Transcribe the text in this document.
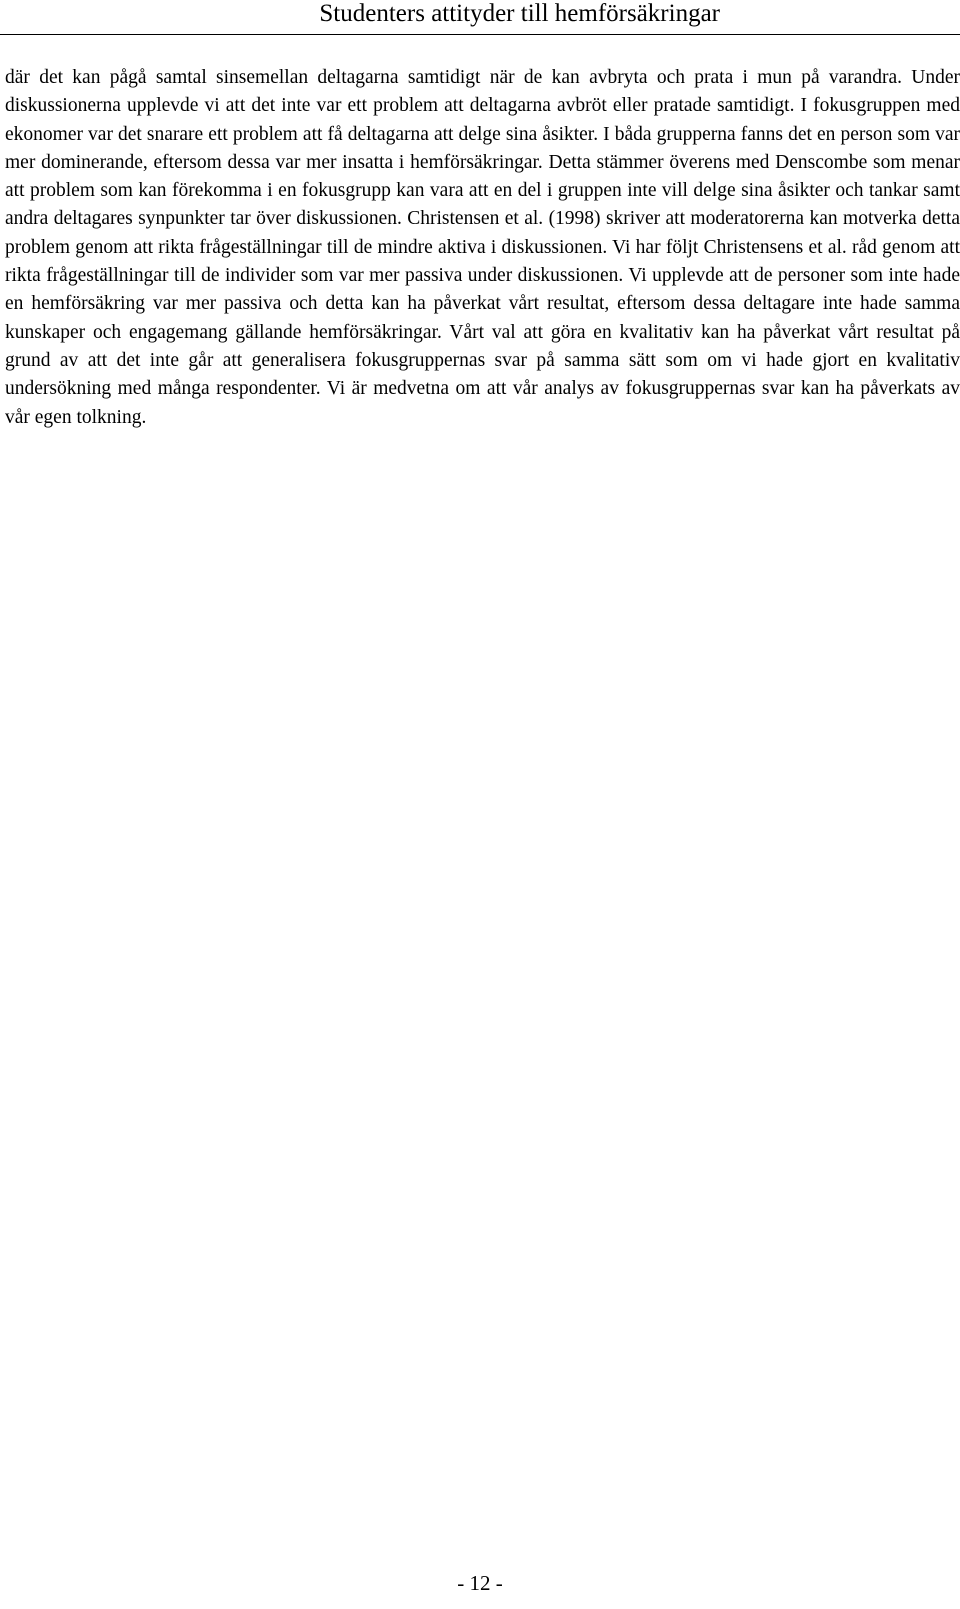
Studenters attityder till hemförsäkringar

där det kan pågå samtal sinsemellan deltagarna samtidigt när de kan avbryta och prata i mun på varandra. Under diskussionerna upplevde vi att det inte var ett problem att deltagarna avbröt eller pratade samtidigt. I fokusgruppen med ekonomer var det snarare ett problem att få deltagarna att delge sina åsikter. I båda grupperna fanns det en person som var mer dominerande, eftersom dessa var mer insatta i hemförsäkringar. Detta stämmer överens med Denscombe som menar att problem som kan förekomma i en fokusgrupp kan vara att en del i gruppen inte vill delge sina åsikter och tankar samt andra deltagares synpunkter tar över diskussionen. Christensen et al. (1998) skriver att moderatorerna kan motverka detta problem genom att rikta frågeställningar till de mindre aktiva i diskussionen. Vi har följt Christensens et al. råd genom att rikta frågeställningar till de individer som var mer passiva under diskussionen. Vi upplevde att de personer som inte hade en hemförsäkring var mer passiva och detta kan ha påverkat vårt resultat, eftersom dessa deltagare inte hade samma kunskaper och engagemang gällande hemförsäkringar. Vårt val att göra en kvalitativ kan ha påverkat vårt resultat på grund av att det inte går att generalisera fokusgruppernas svar på samma sätt som om vi hade gjort en kvalitativ undersökning med många respondenter. Vi är medvetna om att vår analys av fokusgruppernas svar kan ha påverkats av vår egen tolkning.

- 12 -
